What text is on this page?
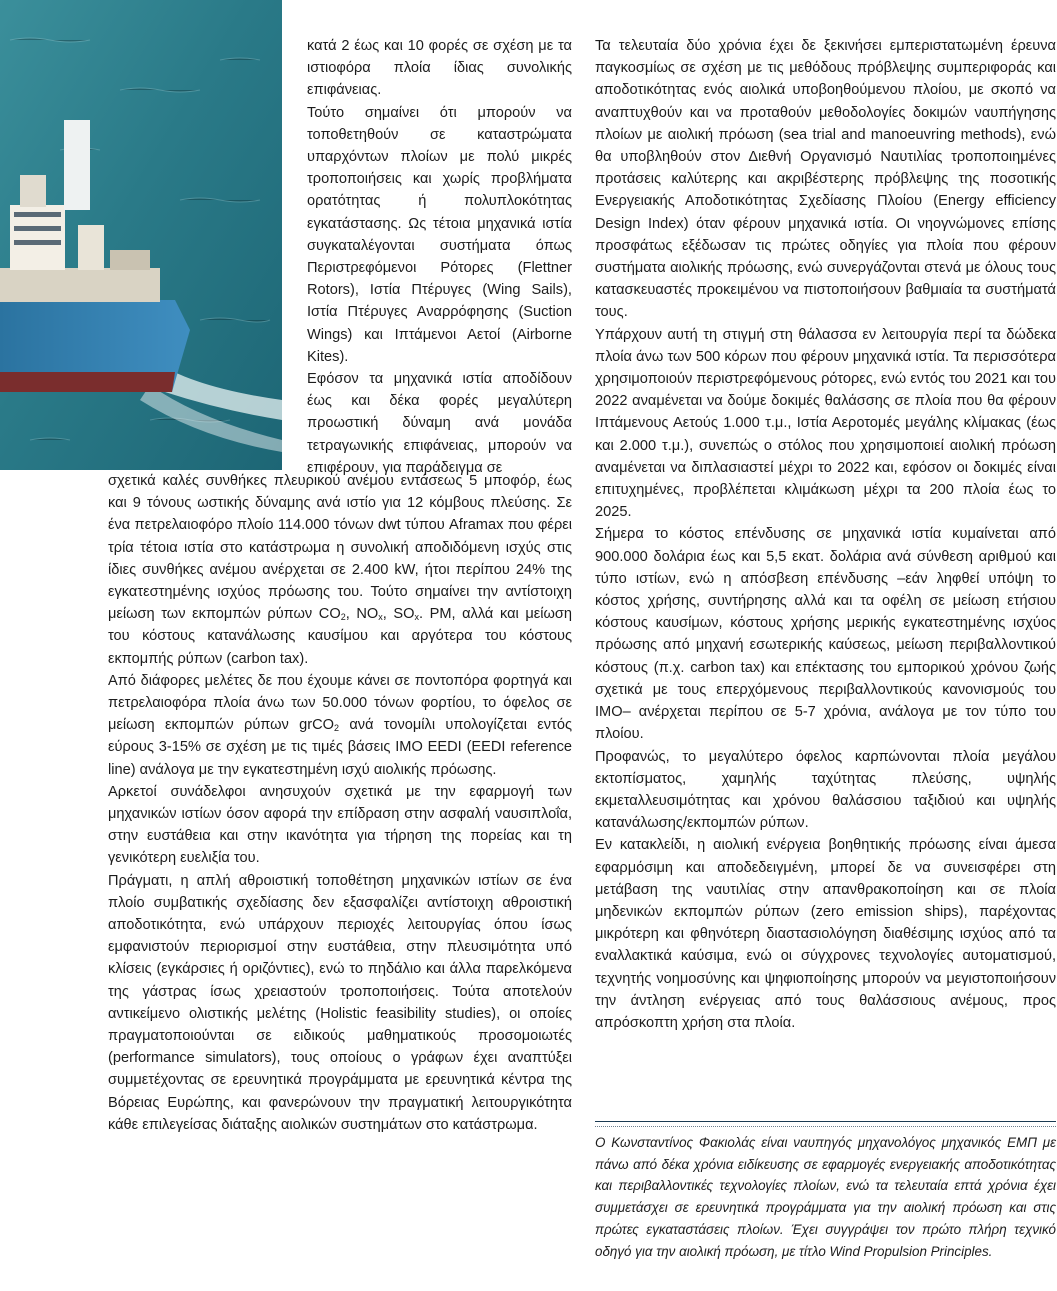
κατά 2 έως και 10 φορές σε σχέση με τα ιστιοφόρα πλοία ίδιας συνολικής επιφάνειας.

Τούτο σημαίνει ότι μπορούν να τοποθετηθούν σε καταστρώματα υπαρχόντων πλοίων με πολύ μικρές τροποποιήσεις και χωρίς προβλήματα ορατότητας ή πολυπλοκότητας εγκατάστασης. Ως τέτοια μηχανικά ιστία συγκαταλέγονται συστήματα όπως Περιστρεφόμενοι Ρότορες (Flettner Rotors), Ιστία Πτέρυγες (Wing Sails), Ιστία Πτέρυγες Αναρρόφησης (Suction Wings) και Ιπτάμενοι Αετοί (Airborne Kites).

Εφόσον τα μηχανικά ιστία αποδίδουν έως και δέκα φορές μεγαλύτερη προωστική δύναμη ανά μονάδα τετραγωνικής επιφάνειας, μπορούν να επιφέρουν, για παράδειγμα σε

σχετικά καλές συνθήκες πλευρικού ανέμου εντάσεως 5 μποφόρ, έως και 9 τόνους ωστικής δύναμης ανά ιστίο για 12 κόμβους πλεύσης. Σε ένα πετρελαιοφόρο πλοίο 114.000 τόνων dwt τύπου Aframax που φέρει τρία τέτοια ιστία στο κατάστρωμα η συνολική αποδιδόμενη ισχύς στις ίδιες συνθήκες ανέμου ανέρχεται σε 2.400 kW, ήτοι περίπου 24% της εγκατεστημένης ισχύος πρόωσης του. Τούτο σημαίνει την αντίστοιχη μείωση των εκπομπών ρύπων $CO_2$, $NO_x$, $SO_x$. PM, αλλά και μείωση του κόστους κατανάλωσης καυσίμου και αργότερα του κόστους εκπομπής ρύπων (carbon tax).

Από διάφορες μελέτες δε που έχουμε κάνει σε ποντοπόρα φορτηγά και πετρελαιοφόρα πλοία άνω των 50.000 τόνων φορτίου, το όφελος σε μείωση εκπομπών ρύπων grCO$_2$ ανά τονομίλι υπολογίζεται εντός εύρους 3-15% σε σχέση με τις τιμές βάσεις IMO EEDI (EEDI reference line) ανάλογα με την εγκατεστημένη ισχύ αιολικής πρόωσης.

Αρκετοί συνάδελφοι ανησυχούν σχετικά με την εφαρμογή των μηχανικών ιστίων όσον αφορά την επίδραση στην ασφαλή ναυσιπλοΐα, στην ευστάθεια και στην ικανότητα για τήρηση της πορείας και τη γενικότερη ευελιξία του.

Πράγματι, η απλή αθροιστική τοποθέτηση μηχανικών ιστίων σε ένα πλοίο συμβατικής σχεδίασης δεν εξασφαλίζει αντίστοιχη αθροιστική αποδοτικότητα, ενώ υπάρχουν περιοχές λειτουργίας όπου ίσως εμφανιστούν περιορισμοί στην ευστάθεια, στην πλευσιμότητα υπό κλίσεις (εγκάρσιες ή οριζόντιες), ενώ το πηδάλιο και άλλα παρελκόμενα της γάστρας ίσως χρειαστούν τροποποιήσεις. Τούτα αποτελούν αντικείμενο ολιστικής μελέτης (Holistic feasibility studies), οι οποίες πραγματοποιούνται σε ειδικούς μαθηματικούς προσομοιωτές (performance simulators), τους οποίους ο γράφων έχει αναπτύξει συμμετέχοντας σε ερευνητικά προγράμματα με ερευνητικά κέντρα της Βόρειας Ευρώπης, και φανερώνουν την πραγματική λειτουργικότητα κάθε επιλεγείσας διάταξης αιολικών συστημάτων στο κατάστρωμα.

Τα τελευταία δύο χρόνια έχει δε ξεκινήσει εμπεριστατωμένη έρευνα παγκοσμίως σε σχέση με τις μεθόδους πρόβλεψης συμπεριφοράς και αποδοτικότητας ενός αιολικά υποβοηθούμενου πλοίου, με σκοπό να αναπτυχθούν και να προταθούν μεθοδολογίες δοκιμών ναυπήγησης πλοίων με αιολική πρόωση (sea trial and manoeuvring methods), ενώ θα υποβληθούν στον Διεθνή Οργανισμό Ναυτιλίας τροποποιημένες προτάσεις καλύτερης και ακριβέστερης πρόβλεψης της ποσοτικής Ενεργειακής Αποδοτικότητας Σχεδίασης Πλοίου (Energy efficiency Design Index) όταν φέρουν μηχανικά ιστία. Οι νηογνώμονες επίσης προσφάτως εξέδωσαν τις πρώτες οδηγίες για πλοία που φέρουν συστήματα αιολικής πρόωσης, ενώ συνεργάζονται στενά με όλους τους κατασκευαστές προκειμένου να πιστοποιήσουν βαθμιαία τα συστήματά τους.

Υπάρχουν αυτή τη στιγμή στη θάλασσα εν λειτουργία περί τα δώδεκα πλοία άνω των 500 κόρων που φέρουν μηχανικά ιστία. Τα περισσότερα χρησιμοποιούν περιστρεφόμενους ρότορες, ενώ εντός του 2021 και του 2022 αναμένεται να δούμε δοκιμές θαλάσσης σε πλοία που θα φέρουν Ιπτάμενους Αετούς 1.000 τ.μ., Ιστία Αεροτομές μεγάλης κλίμακας (έως και 2.000 τ.μ.), συνεπώς ο στόλος που χρησιμοποιεί αιολική πρόωση αναμένεται να διπλασιαστεί μέχρι το 2022 και, εφόσον οι δοκιμές είναι επιτυχημένες, προβλέπεται κλιμάκωση μέχρι τα 200 πλοία έως το 2025.

Σήμερα το κόστος επένδυσης σε μηχανικά ιστία κυμαίνεται από 900.000 δολάρια έως και 5,5 εκατ. δολάρια ανά σύνθεση αριθμού και τύπο ιστίων, ενώ η απόσβεση επένδυσης –εάν ληφθεί υπόψη το κόστος χρήσης, συντήρησης αλλά και τα οφέλη σε μείωση ετήσιου κόστους καυσίμων, κόστους χρήσης μερικής εγκατεστημένης ισχύος πρόωσης από μηχανή εσωτερικής καύσεως, μείωση περιβαλλοντικού κόστους (π.χ. carbon tax) και επέκτασης του εμπορικού χρόνου ζωής σχετικά με τους επερχόμενους περιβαλλοντικούς κανονισμούς του IMO– ανέρχεται περίπου σε 5-7 χρόνια, ανάλογα με τον τύπο του πλοίου.

Προφανώς, το μεγαλύτερο όφελος καρπώνονται πλοία μεγάλου εκτοπίσματος, χαμηλής ταχύτητας πλεύσης, υψηλής εκμεταλλευσιμότητας και χρόνου θαλάσσιου ταξιδιού και υψηλής κατανάλωσης/εκπομπών ρύπων.

Εν κατακλείδι, η αιολική ενέργεια βοηθητικής πρόωσης είναι άμεσα εφαρμόσιμη και αποδεδειγμένη, μπορεί δε να συνεισφέρει στη μετάβαση της ναυτιλίας στην απανθρακοποίηση και σε πλοία μηδενικών εκπομπών ρύπων (zero emission ships), παρέχοντας μικρότερη και φθηνότερη διαστασιολόγηση διαθέσιμης ισχύος από τα εναλλακτικά καύσιμα, ενώ οι σύγχρονες τεχνολογίες αυτοματισμού, τεχνητής νοημοσύνης και ψηφιοποίησης μπορούν να μεγιστοποιήσουν την άντληση ενέργειας από τους θαλάσσιους ανέμους, προς απρόσκοπτη χρήση στα πλοία.

Ο Κωνσταντίνος Φακιολάς είναι ναυπηγός μηχανολόγος μηχανικός ΕΜΠ με πάνω από δέκα χρόνια ειδίκευσης σε εφαρμογές ενεργειακής αποδοτικότητας και περιβαλλοντικές τεχνολογίες πλοίων, ενώ τα τελευταία επτά χρόνια έχει συμμετάσχει σε ερευνητικά προγράμματα για την αιολική πρόωση και στις πρώτες εγκαταστάσεις πλοίων. Έχει συγγράψει τον πρώτο πλήρη τεχνικό οδηγό για την αιολική πρόωση, με τίτλο Wind Propulsion Principles.
